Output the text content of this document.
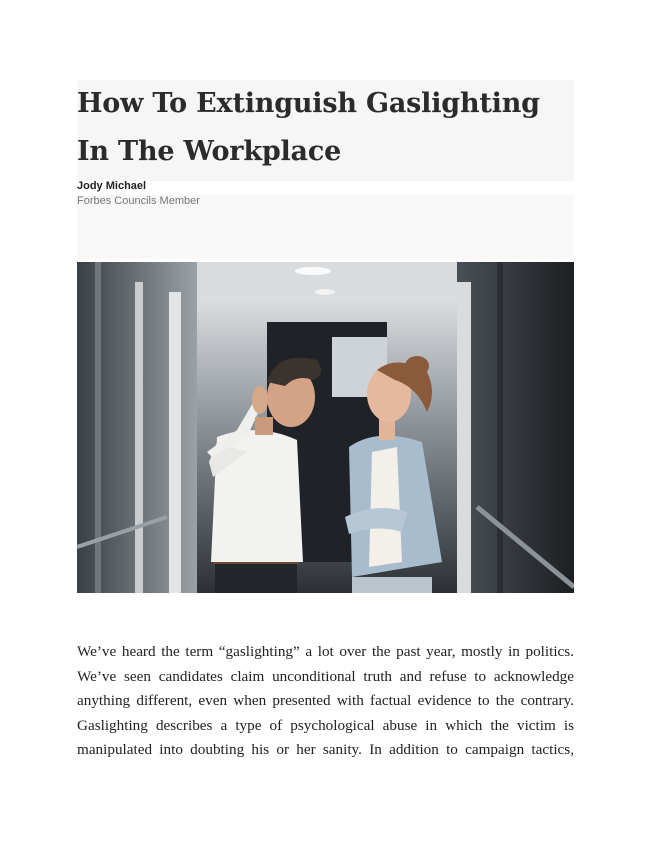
How To Extinguish Gaslighting In The Workplace
Jody Michael
Forbes Councils Member
We’ve heard the term “gaslighting” a lot over the past year, mostly in politics.
We’ve seen candidates claim unconditional truth and refuse to acknowledge
anything different, even when presented with factual evidence to the contrary.
Gaslighting describes a type of psychological abuse in which the victim is
manipulated into doubting his or her sanity. In addition to campaign tactics,
